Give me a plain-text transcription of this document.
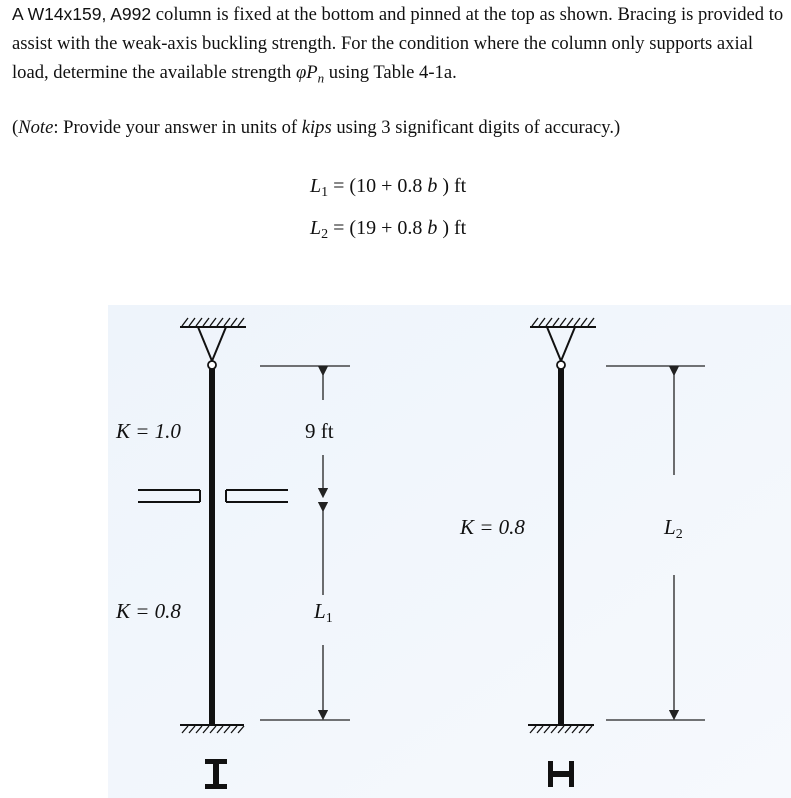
A W14x159, A992 column is fixed at the bottom and pinned at the top as shown. Bracing is provided to assist with the weak-axis buckling strength. For the condition where the column only supports axial load, determine the available strength $\varphi P_n$ using Table 4-1a.

(Note: Provide your answer in units of kips using 3 significant digits of accuracy.)
$L_1 = (10 + 0.8$ b ) ft
$L_2 = (19 + 0.8$ b ) ft
K = 1.0
K = 0.8
9 ft
$L_1$
K = 0.8	$L_2$
